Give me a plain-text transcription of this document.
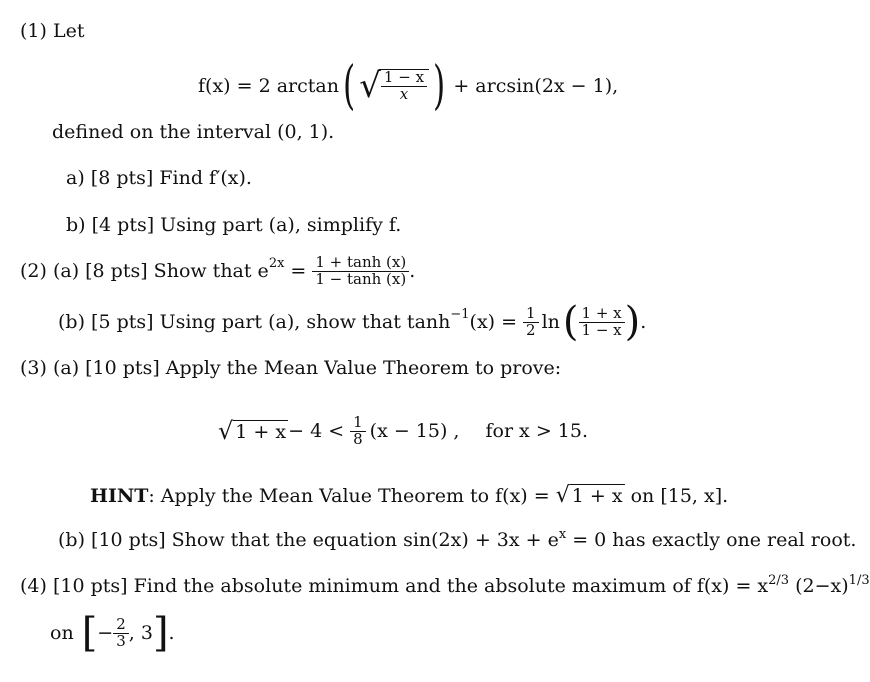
(1) Let
f(x) = 2 arctan ( √
$\frac{1 - x}{x}$ ) + arcsin(2x − 1),
defined on the interval (0, 1).
a) [8 pts] Find f′(x).
b) [4 pts] Using part (a), simplify f.
(2) (a) [8 pts] Show that e $2x = \frac{1 + \tanh (x)}{1 - \tanh (x)}$ .
(b) [5 pts] Using part (a), show that tanh −1 $(x) = \frac{1}{2}$ ln ( $\frac{1 + x}{1 - x}$ ) .
(3) (a) [10 pts] Apply the Mean Value Theorem to prove:
√ $1 + x - 4 < \frac{1}{8} (x - 15)$ , for x > 15.
HINT: Apply the Mean Value Theorem to f(x) = √ 1 + x on [15, x].
(b) [10 pts] Show that the equation $\sin(2x) + 3x + e^x = 0$ has exactly one real root.
(4) [10 pts] Find the absolute minimum and the absolute maximum of $f(x) = x^{2/3}$ $(2-x)^{1/3}$
on [ − $\frac{2}{3}$ , 3 ] .
